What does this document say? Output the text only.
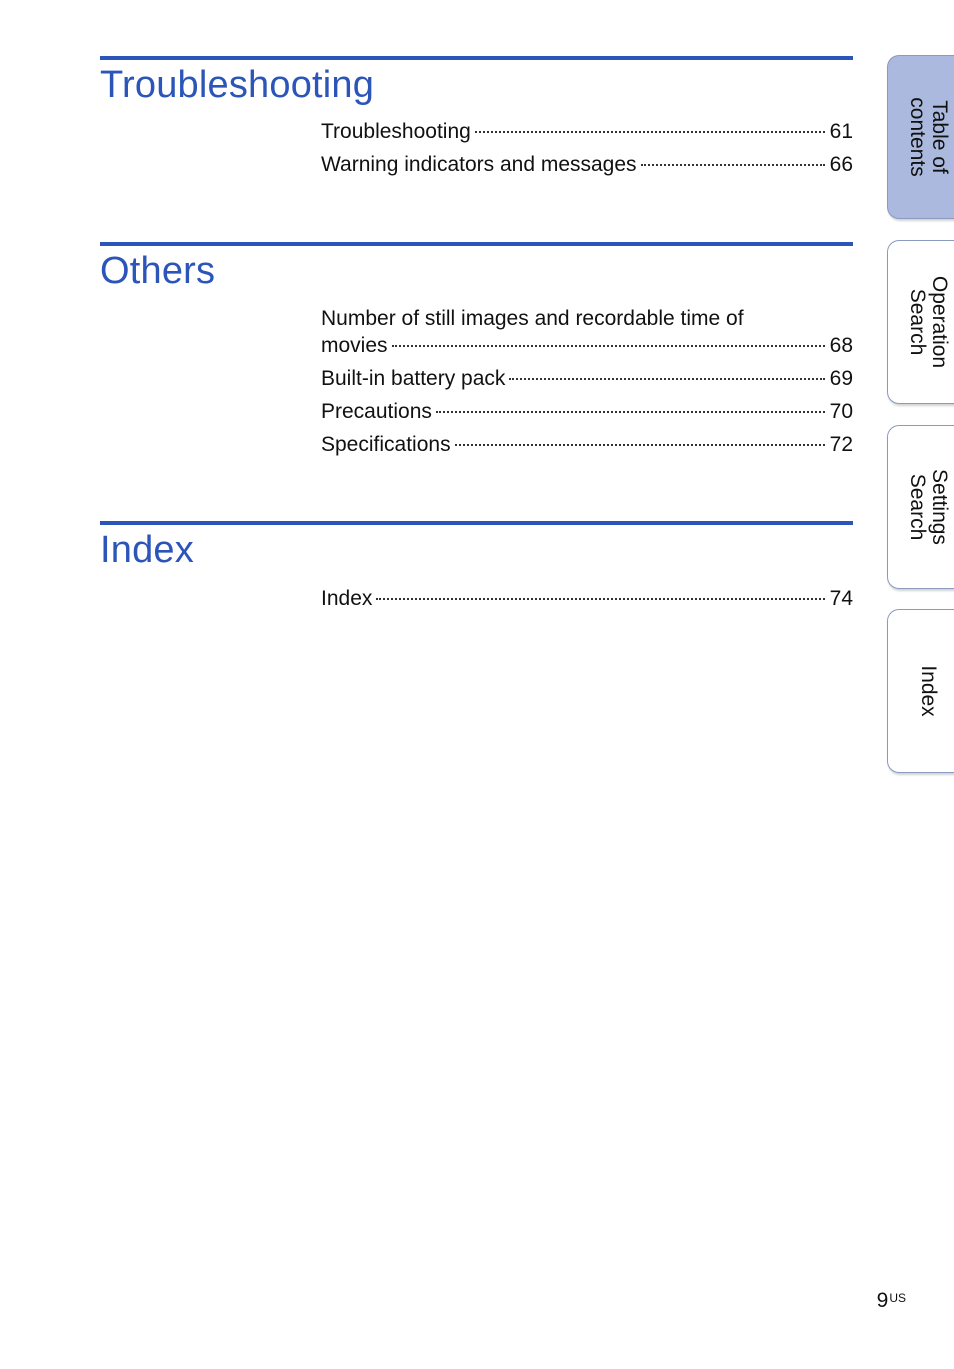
Troubleshooting
Troubleshooting	61
Warning indicators and messages	66
Others
Number of still images and recordable time of
movies	68
Built-in battery pack	69
Precautions	70
Specifications	72
Index
Index	74
Table of
contents
Operation
Search
Settings
Search
Index
$9^{US}$
